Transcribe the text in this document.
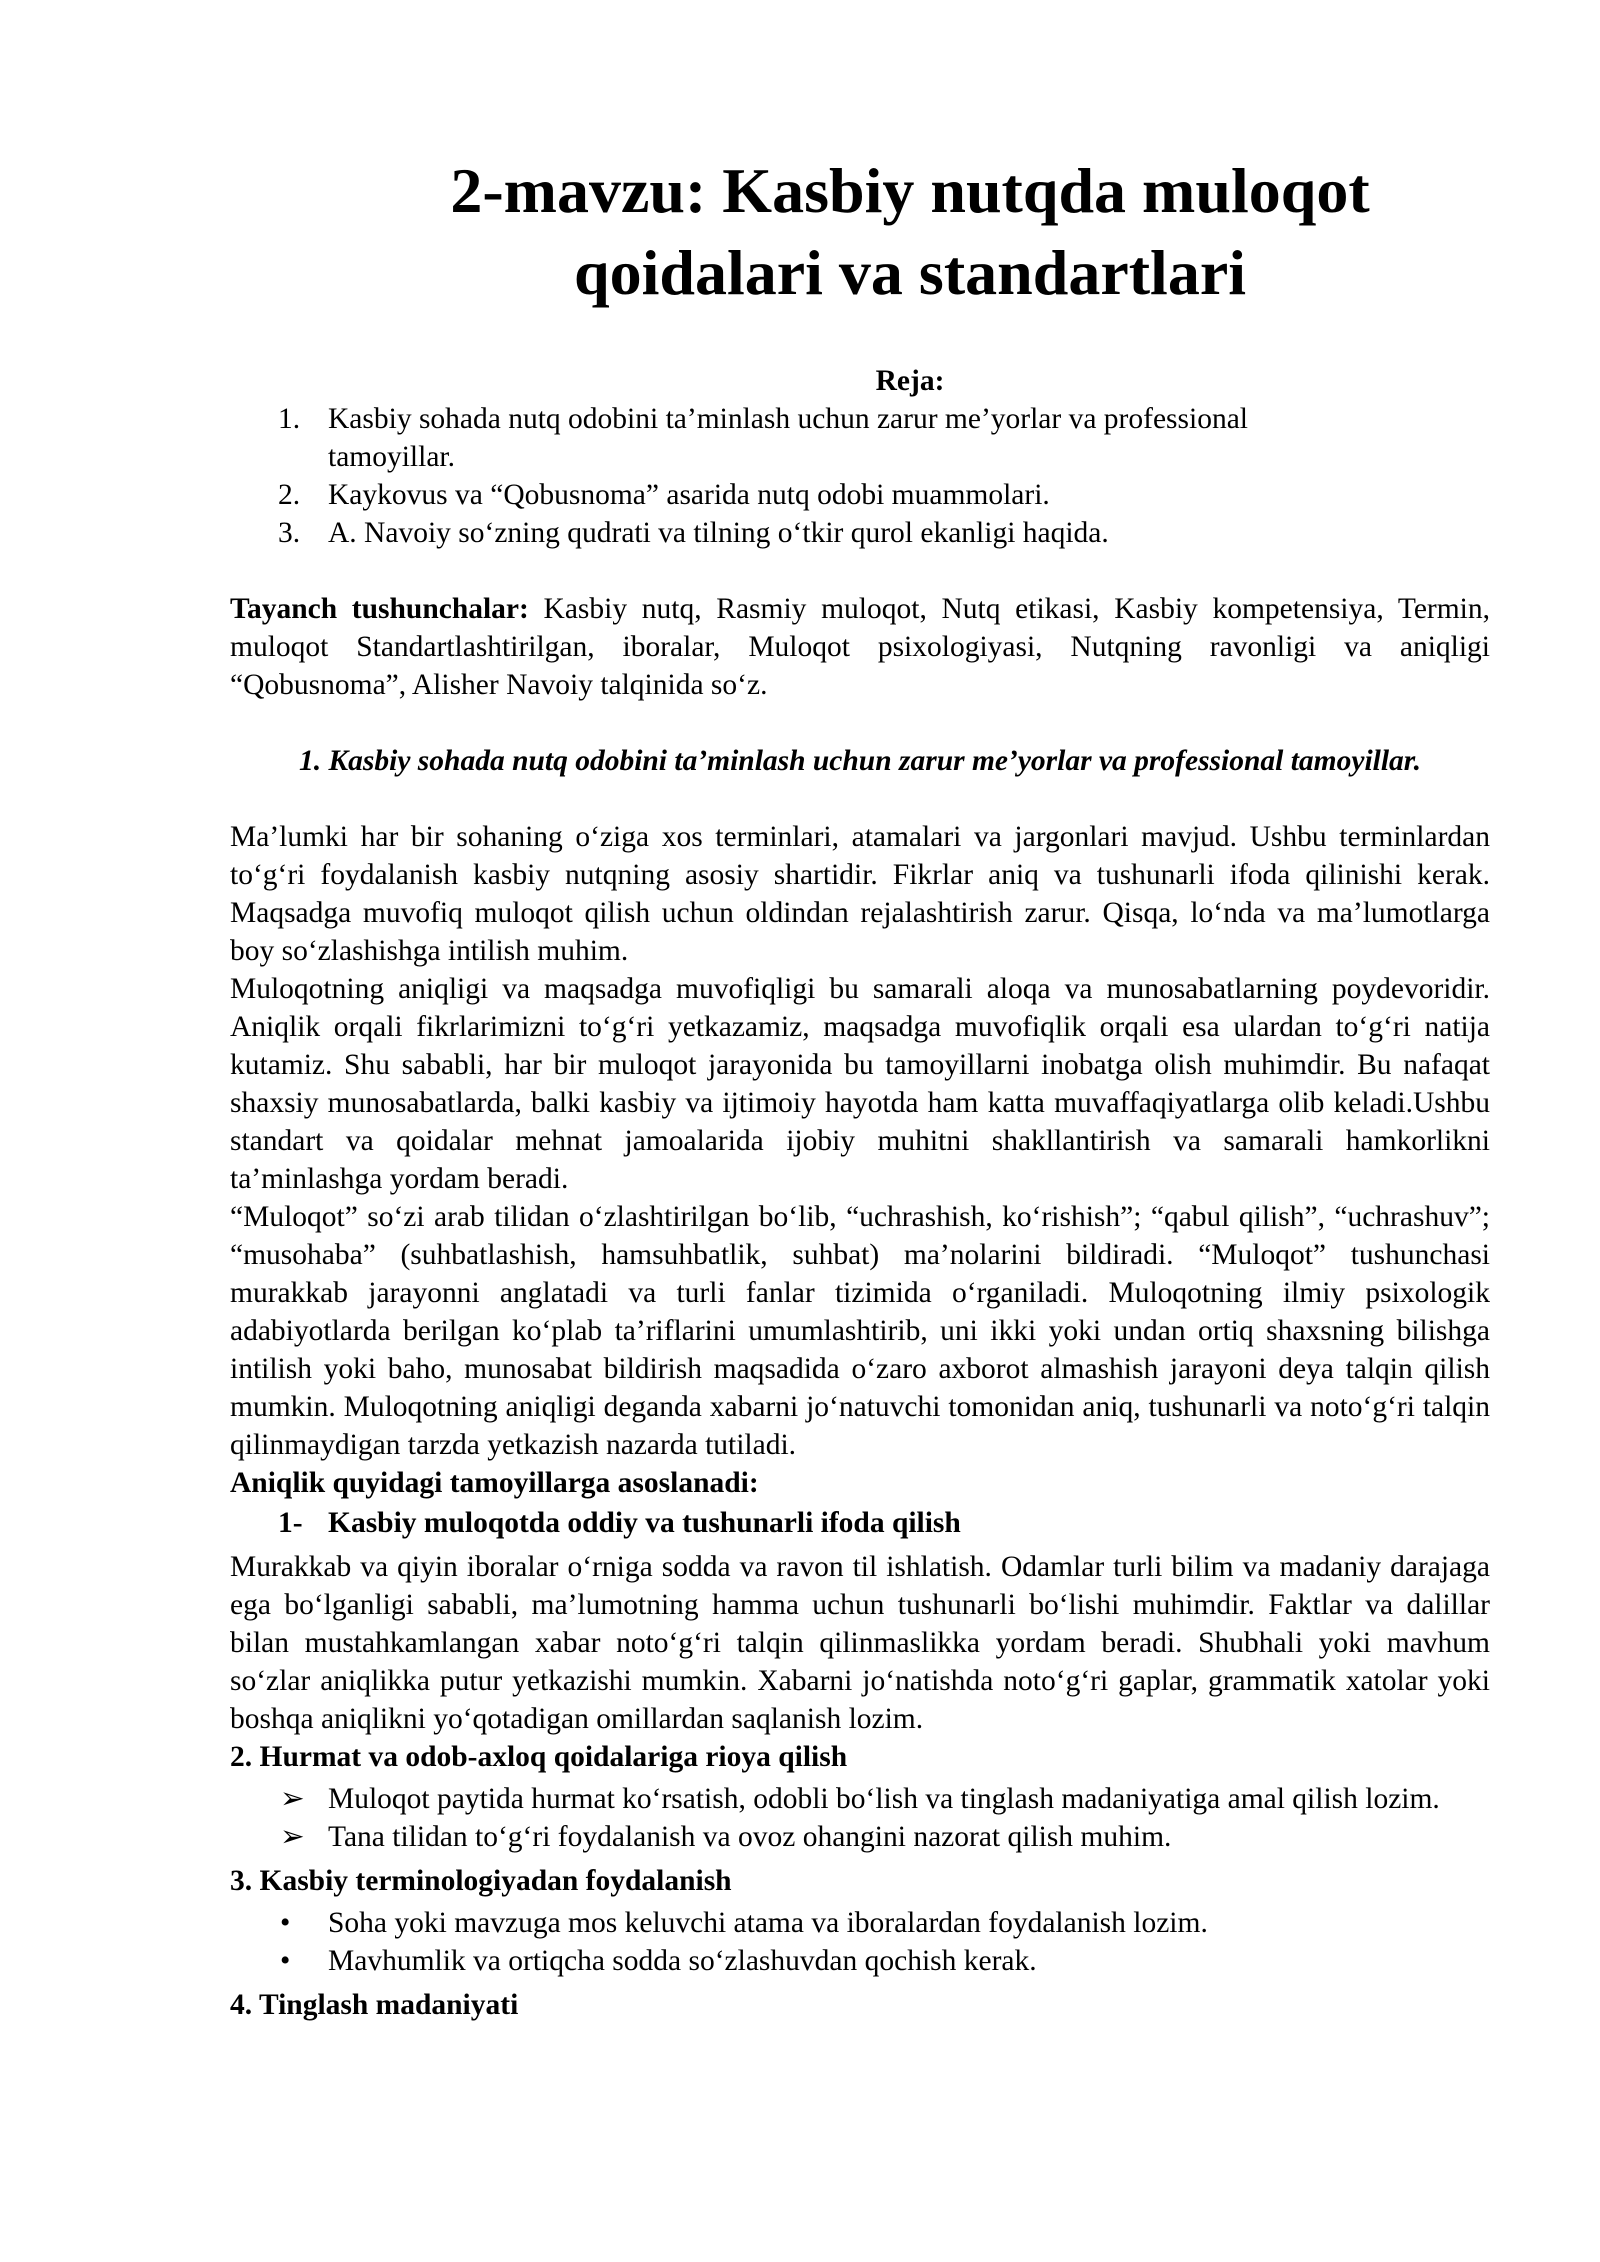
2-mavzu: Kasbiy nutqda muloqot qoidalari va standartlari
Reja:
1. Kasbiy sohada nutq odobini ta’minlash uchun zarur me’yorlar va professional tamoyillar.
2. Kaykovus va “Qobusnoma” asarida nutq odobi muammolari.
3. A. Navoiy so‘zning qudrati va tilning o‘tkir qurol ekanligi haqida.

Tayanch tushunchalar: Kasbiy nutq, Rasmiy muloqot, Nutq etikasi, Kasbiy kompetensiya, Termin, muloqot Standartlashtirilgan, iboralar, Muloqot psixologiyasi, Nutqning ravonligi va aniqligi “Qobusnoma”, Alisher Navoiy talqinida so‘z.

1. Kasbiy sohada nutq odobini ta’minlash uchun zarur me’yorlar va professional tamoyillar.

Ma’lumki har bir sohaning o‘ziga xos terminlari, atamalari va jargonlari mavjud. Ushbu terminlardan to‘g‘ri foydalanish kasbiy nutqning asosiy shartidir. Fikrlar aniq va tushunarli ifoda qilinishi kerak. Maqsadga muvofiq muloqot qilish uchun oldindan rejalashtirish zarur. Qisqa, lo‘nda va ma’lumotlarga boy so‘zlashishga intilish muhim.

Muloqotning aniqligi va maqsadga muvofiqligi bu samarali aloqa va munosabatlarning poydevoridir. Aniqlik orqali fikrlarimizni to‘g‘ri yetkazamiz, maqsadga muvofiqlik orqali esa ulardan to‘g‘ri natija kutamiz. Shu sababli, har bir muloqot jarayonida bu tamoyillarni inobatga olish muhimdir. Bu nafaqat shaxsiy munosabatlarda, balki kasbiy va ijtimoiy hayotda ham katta muvaffaqiyatlarga olib keladi.Ushbu standart va qoidalar mehnat jamoalarida ijobiy muhitni shakllantirish va samarali hamkorlikni ta’minlashga yordam beradi.

“Muloqot” so‘zi arab tilidan o‘zlashtirilgan bo‘lib, “uchrashish, ko‘rishish”; “qabul qilish”, “uchrashuv”; “musohaba” (suhbatlashish, hamsuhbatlik, suhbat) ma’nolarini bildiradi. “Muloqot” tushunchasi murakkab jarayonni anglatadi va turli fanlar tizimida o‘rganiladi. Muloqotning ilmiy psixologik adabiyotlarda berilgan ko‘plab ta’riflarini umumlashtirib, uni ikki yoki undan ortiq shaxsning bilishga intilish yoki baho, munosabat bildirish maqsadida o‘zaro axborot almashish jarayoni deya talqin qilish mumkin. Muloqotning aniqligi deganda xabarni jo‘natuvchi tomonidan aniq, tushunarli va noto‘g‘ri talqin qilinmaydigan tarzda yetkazish nazarda tutiladi.

Aniqlik quyidagi tamoyillarga asoslanadi:

1- Kasbiy muloqotda oddiy va tushunarli ifoda qilish

Murakkab va qiyin iboralar o‘rniga sodda va ravon til ishlatish. Odamlar turli bilim va madaniy darajaga ega bo‘lganligi sababli, ma’lumotning hamma uchun tushunarli bo‘lishi muhimdir. Faktlar va dalillar bilan mustahkamlangan xabar noto‘g‘ri talqin qilinmaslikka yordam beradi. Shubhali yoki mavhum so‘zlar aniqlikka putur yetkazishi mumkin. Xabarni jo‘natishda noto‘g‘ri gaplar, grammatik xatolar yoki boshqa aniqlikni yo‘qotadigan omillardan saqlanish lozim.

2. Hurmat va odob-axloq qoidalariga rioya qilish

➢ Muloqot paytida hurmat ko‘rsatish, odobli bo‘lish va tinglash madaniyatiga amal qilish lozim.
➢ Tana tilidan to‘g‘ri foydalanish va ovoz ohangini nazorat qilish muhim.

3. Kasbiy terminologiyadan foydalanish

• Soha yoki mavzuga mos keluvchi atama va iboralardan foydalanish lozim.
• Mavhumlik va ortiqcha sodda so‘zlashuvdan qochish kerak.

4. Tinglash madaniyati
